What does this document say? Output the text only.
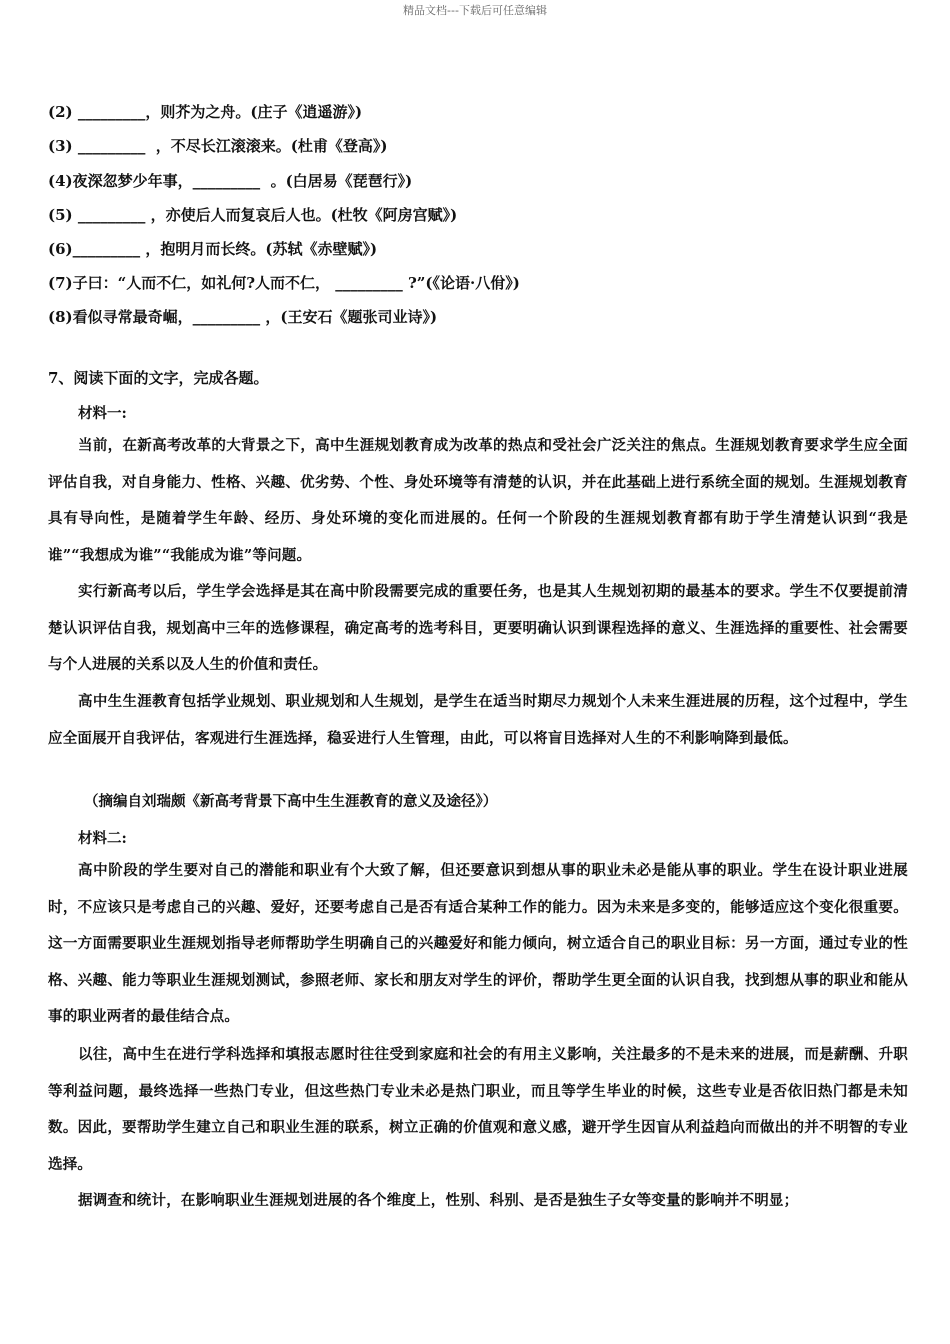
精品文档---下载后可任意编辑
(2) _________，则芥为之舟。(庄子《逍遥游》)
(3) _________  ，不尽长江滚滚来。(杜甫《登高》)
(4)夜深忽梦少年事，_________  。(白居易《琵琶行》)
(5) _________ ，亦使后人而复哀后人也。(杜牧《阿房宫赋》)
(6)_________ ，抱明月而长终。(苏轼《赤壁赋》)
(7)子曰：“人而不仁，如礼何?人而不仁， _________ ?”(《论语·八佾》)
(8)看似寻常最奇崛，_________ ，(王安石《题张司业诗》)
7、阅读下面的文字，完成各题。
材料一:
当前，在新高考改革的大背景之下，高中生涯规划教育成为改革的热点和受社会广泛关注的焦点。生涯规划教育要求学生应全面评估自我，对自身能力、性格、兴趣、优劣势、个性、身处环境等有清楚的认识，并在此基础上进行系统全面的规划。生涯规划教育具有导向性，是随着学生年龄、经历、身处环境的变化而进展的。任何一个阶段的生涯规划教育都有助于学生清楚认识到“我是谁”“我想成为谁”“我能成为谁”等问题。
实行新高考以后，学生学会选择是其在高中阶段需要完成的重要任务，也是其人生规划初期的最基本的要求。学生不仅要提前清楚认识评估自我，规划高中三年的选修课程，确定高考的选考科目，更要明确认识到课程选择的意义、生涯选择的重要性、社会需要与个人进展的关系以及人生的价值和责任。
高中生生涯教育包括学业规划、职业规划和人生规划，是学生在适当时期尽力规划个人未来生涯进展的历程，这个过程中，学生应全面展开自我评估，客观进行生涯选择，稳妥进行人生管理，由此，可以将盲目选择对人生的不利影响降到最低。
（摘编自刘瑞颇《新高考背景下高中生生涯教育的意义及途径》）
材料二:
高中阶段的学生要对自己的潜能和职业有个大致了解，但还要意识到想从事的职业未必是能从事的职业。学生在设计职业进展时，不应该只是考虑自己的兴趣、爱好，还要考虑自己是否有适合某种工作的能力。因为未来是多变的，能够适应这个变化很重要。这一方面需要职业生涯规划指导老师帮助学生明确自己的兴趣爱好和能力倾向，树立适合自己的职业目标：另一方面，通过专业的性格、兴趣、能力等职业生涯规划测试，参照老师、家长和朋友对学生的评价，帮助学生更全面的认识自我，找到想从事的职业和能从事的职业两者的最佳结合点。
以往，高中生在进行学科选择和填报志愿时往往受到家庭和社会的有用主义影响，关注最多的不是未来的进展，而是薪酬、升职等利益问题，最终选择一些热门专业，但这些热门专业未必是热门职业，而且等学生毕业的时候，这些专业是否依旧热门都是未知数。因此，要帮助学生建立自己和职业生涯的联系，树立正确的价值观和意义感，避开学生因盲从利益趋向而做出的并不明智的专业选择。
据调查和统计，在影响职业生涯规划进展的各个维度上，性别、科别、是否是独生子女等变量的影响并不明显；
